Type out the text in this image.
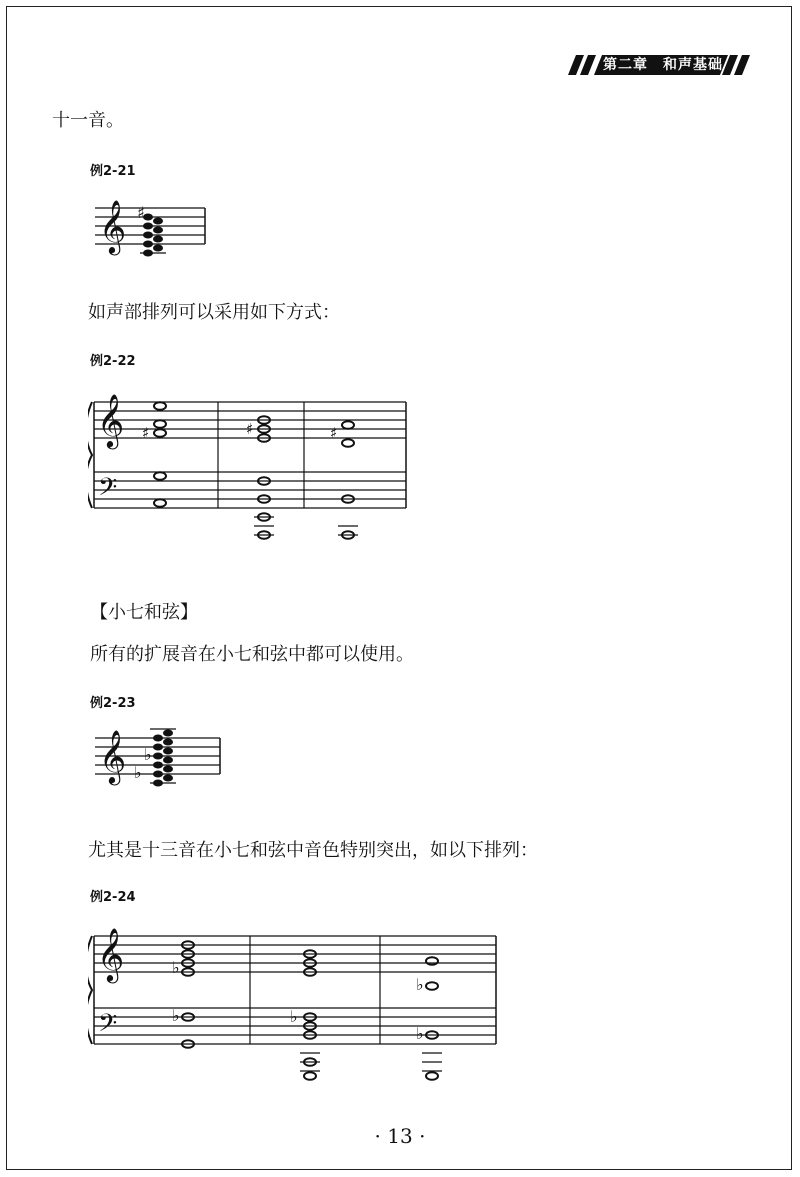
第二章　和声基础
十一音。
例2-21
𝄞 ♯
如声部排列可以采用如下方式：
例2-22
𝄞
𝄢
♯	♯	♯
【小七和弦】
所有的扩展音在小七和弦中都可以使用。
例2-23
𝄞 ♭
♭
尤其是十三音在小七和弦中音色特别突出，如以下排列：
例2-24
𝄞
𝄢
♭
♭	♭
♭
♭
· 13 ·
